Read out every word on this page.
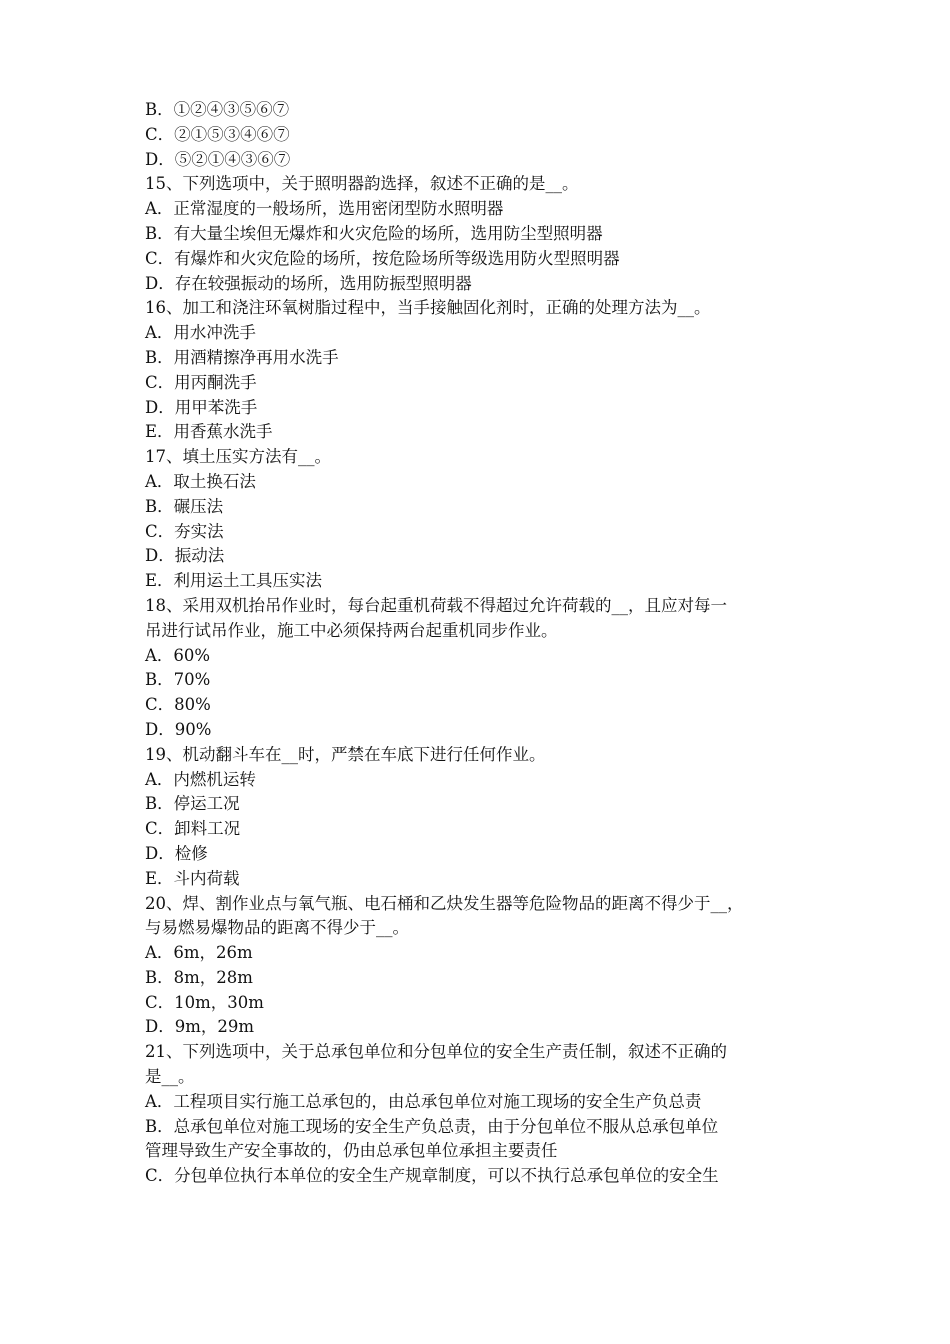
B．①②④③⑤⑥⑦
C．②①⑤③④⑥⑦
D．⑤②①④③⑥⑦
15、下列选项中，关于照明器韵选择，叙述不正确的是__。
A．正常湿度的一般场所，选用密闭型防水照明器
B．有大量尘埃但无爆炸和火灾危险的场所，选用防尘型照明器
C．有爆炸和火灾危险的场所，按危险场所等级选用防火型照明器
D．存在较强振动的场所，选用防振型照明器
16、加工和浇注环氧树脂过程中，当手接触固化剂时，正确的处理方法为__。
A．用水冲洗手
B．用酒精擦净再用水洗手
C．用丙酮洗手
D．用甲苯洗手
E．用香蕉水洗手
17、填土压实方法有__。
A．取土换石法
B．碾压法
C．夯实法
D．振动法
E．利用运土工具压实法
18、采用双机抬吊作业时，每台起重机荷载不得超过允许荷载的__，且应对每一
吊进行试吊作业，施工中必须保持两台起重机同步作业。
A．60%
B．70%
C．80%
D．90%
19、机动翻斗车在__时，严禁在车底下进行任何作业。
A．内燃机运转
B．停运工况
C．卸料工况
D．检修
E．斗内荷载
20、焊、割作业点与氧气瓶、电石桶和乙炔发生器等危险物品的距离不得少于__，
与易燃易爆物品的距离不得少于__。
A．6m，26m
B．8m，28m
C．10m，30m
D．9m，29m
21、下列选项中，关于总承包单位和分包单位的安全生产责任制，叙述不正确的
是__。
A．工程项目实行施工总承包的，由总承包单位对施工现场的安全生产负总责
B．总承包单位对施工现场的安全生产负总责，由于分包单位不服从总承包单位
管理导致生产安全事故的，仍由总承包单位承担主要责任
C．分包单位执行本单位的安全生产规章制度，可以不执行总承包单位的安全生
